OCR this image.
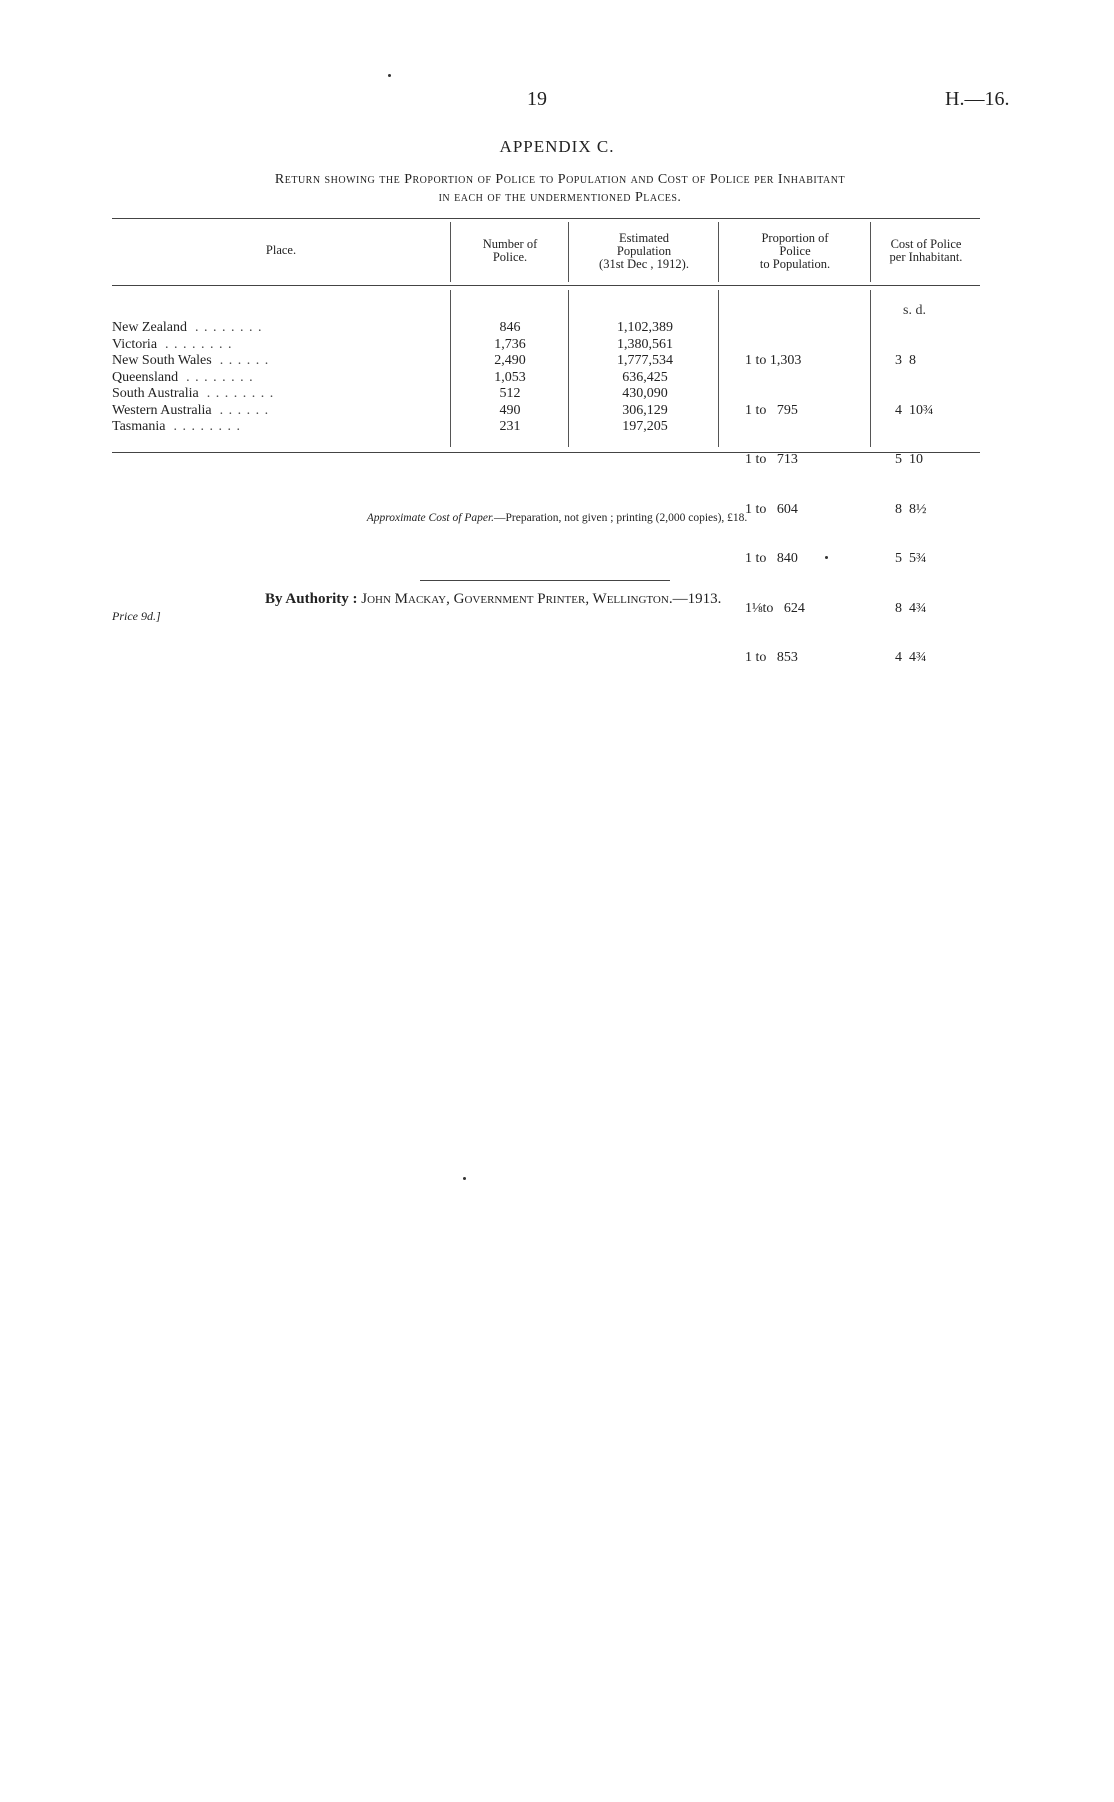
19	H.—16.
APPENDIX C.
Return showing the Proportion of Police to Population and Cost of Police per Inhabitant
in each of the undermentioned Places.
Place.	Number of
Police.
Estimated
Population
(31st Dec , 1912).
Proportion of
Police
to Population.
Cost of Police
per Inhabitant.
s. d.
New Zealand . . . . . . . .
Victoria . . . . . . . .
New South Wales . . . . . .
Queensland . . . . . . . .
South Australia . . . . . . . .
Western Australia . . . . . .
Tasmania . . . . . . . .
846
1,736
2,490
1,053
512
490
231
1,102,389
1,380,561
1,777,534
636,425
430,090
306,129
197,205

1 to 1,303

1 to   795

1 to   713

1 to   604

1 to   840

1⅛to   624

1 to   853

3  8

4  10¾

5  10

8  8½

5  5¾

8  4¾

4  4¾

Approximate Cost of Paper.—Preparation, not given ; printing (2,000 copies), £18.
By Authority : John Mackay, Government Printer, Wellington.—1913.
Price 9d.]
